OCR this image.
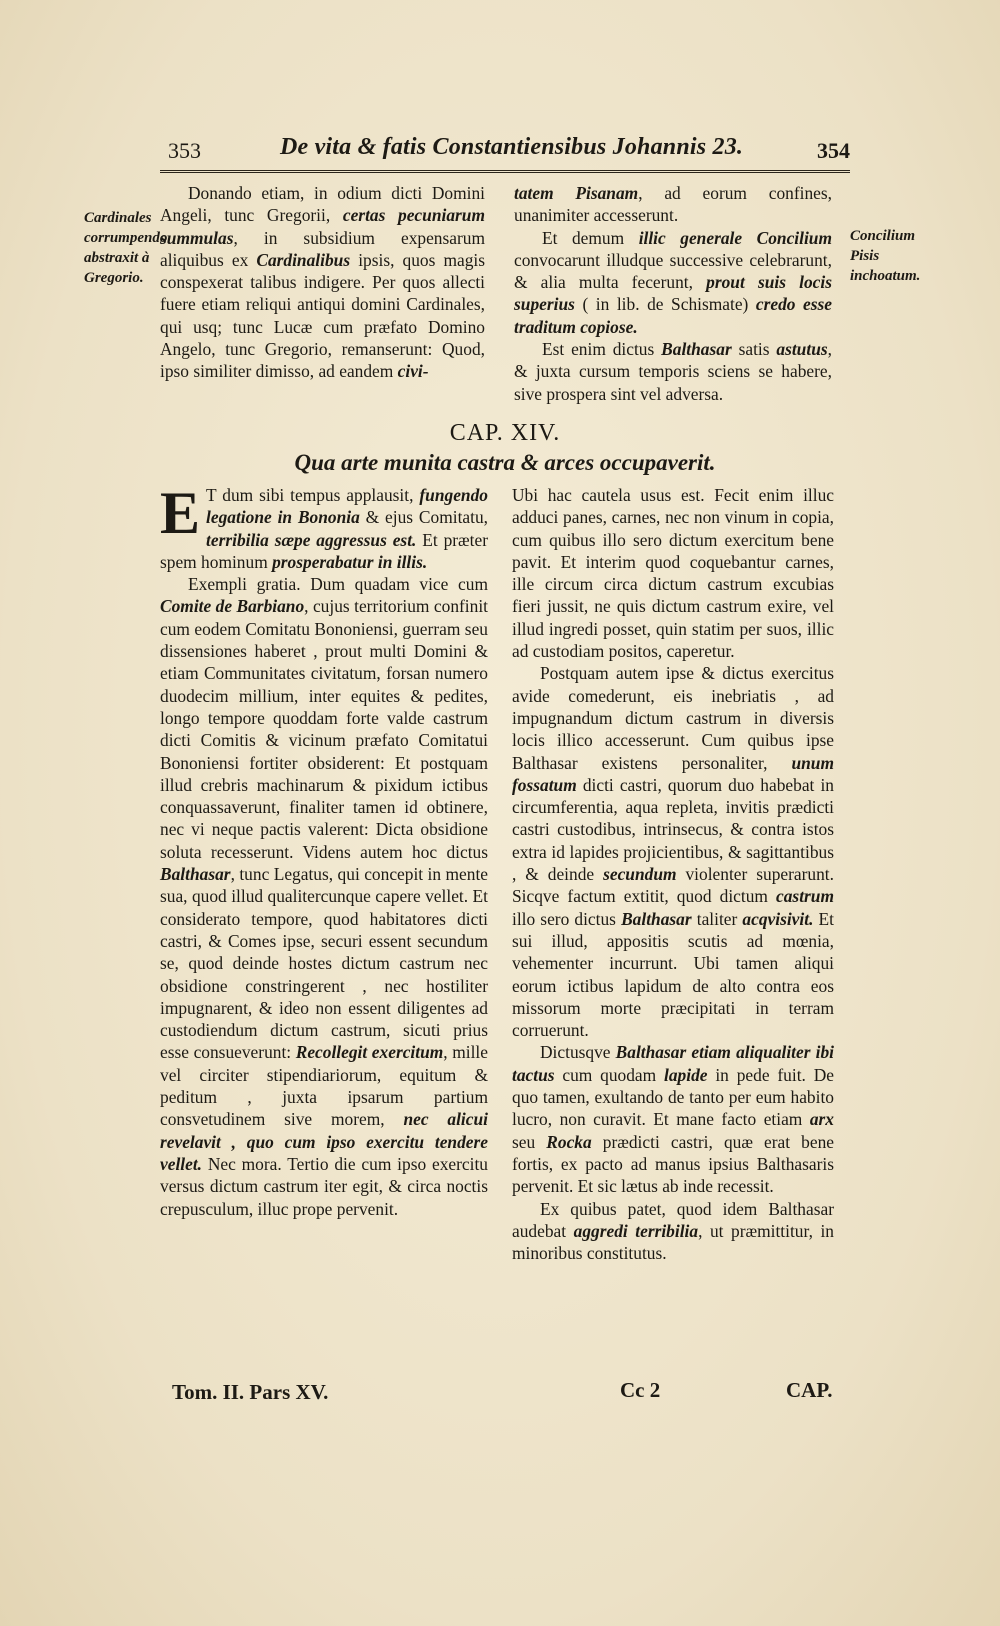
353	De vita & fatis Constantiensibus Johannis 23.	354
Cardinales corrumpendo abstraxit à Gregorio.
Concilium Pisis inchoatum.

Donando etiam, in odium dicti Domini Angeli, tunc Gregorii, certas pecuniarum summulas, in subsidium expensarum aliquibus ex Cardinalibus ipsis, quos magis conspexerat talibus indigere. Per quos allecti fuere etiam reliqui antiqui domini Cardinales, qui usq; tunc Lucæ cum præfato Domino Angelo, tunc Gregorio, remanserunt: Quod, ipso similiter dimisso, ad eandem civi-

tatem Pisanam, ad eorum confines, unanimiter accesserunt.

Et demum illic generale Concilium convocarunt illudque successive celebrarunt, & alia multa fecerunt, prout suis locis superius ( in lib. de Schismate) credo esse traditum copiose.

Est enim dictus Balthasar satis astutus, & juxta cursum temporis sciens se habere, sive prospera sint vel adversa.

CAP. XIV.
Qua arte munita castra & arces occupaverit.

E T dum sibi tempus applausit, fungendo legatione in Bononia & ejus Comitatu, terribilia sæpe aggressus est. Et præter spem hominum prosperabatur in illis.

Exempli gratia. Dum quadam vice cum Comite de Barbiano, cujus territorium confinit cum eodem Comitatu Bononiensi, guerram seu dissensiones haberet , prout multi Domini & etiam Communitates civitatum, forsan numero duodecim millium, inter equites & pedites, longo tempore quoddam forte valde castrum dicti Comitis & vicinum præfato Comitatui Bononiensi fortiter obsiderent: Et postquam illud crebris machinarum & pixidum ictibus conquassaverunt, finaliter tamen id obtinere, nec vi neque pactis valerent: Dicta obsidione soluta recesserunt. Videns autem hoc dictus Balthasar, tunc Legatus, qui concepit in mente sua, quod illud qualitercunque capere vellet. Et considerato tempore, quod habitatores dicti castri, & Comes ipse, securi essent secundum se, quod deinde hostes dictum castrum nec obsidione constringerent , nec hostiliter impugnarent, & ideo non essent diligentes ad custodiendum dictum castrum, sicuti prius esse consueverunt: Recollegit exercitum, mille vel circiter stipendiariorum, equitum & peditum , juxta ipsarum partium consvetudinem sive morem, nec alicui revelavit , quo cum ipso exercitu tendere vellet. Nec mora. Tertio die cum ipso exercitu versus dictum castrum iter egit, & circa noctis crepusculum, illuc prope pervenit.

Ubi hac cautela usus est. Fecit enim illuc adduci panes, carnes, nec non vinum in copia, cum quibus illo sero dictum exercitum bene pavit. Et interim quod coquebantur carnes, ille circum circa dictum castrum excubias fieri jussit, ne quis dictum castrum exire, vel illud ingredi posset, quin statim per suos, illic ad custodiam positos, caperetur.

Postquam autem ipse & dictus exercitus avide comederunt, eis inebriatis , ad impugnandum dictum castrum in diversis locis illico accesserunt. Cum quibus ipse Balthasar existens personaliter, unum fossatum dicti castri, quorum duo habebat in circumferentia, aqua repleta, invitis prædicti castri custodibus, intrinsecus, & contra istos extra id lapides projicientibus, & sagittantibus , & deinde secundum violenter superarunt. Sicqve factum extitit, quod dictum castrum illo sero dictus Balthasar taliter acqvisivit. Et sui illud, appositis scutis ad mœnia, vehementer incurrunt. Ubi tamen aliqui eorum ictibus lapidum de alto contra eos missorum morte præcipitati in terram corruerunt.

Dictusqve Balthasar etiam aliqualiter ibi tactus cum quodam lapide in pede fuit. De quo tamen, exultando de tanto per eum habito lucro, non curavit. Et mane facto etiam arx seu Rocka prædicti castri, quæ erat bene fortis, ex pacto ad manus ipsius Balthasaris pervenit. Et sic lætus ab inde recessit.

Ex quibus patet, quod idem Balthasar audebat aggredi terribilia, ut præmittitur, in minoribus constitutus.

Tom. II. Pars XV.	Cc 2	CAP.
